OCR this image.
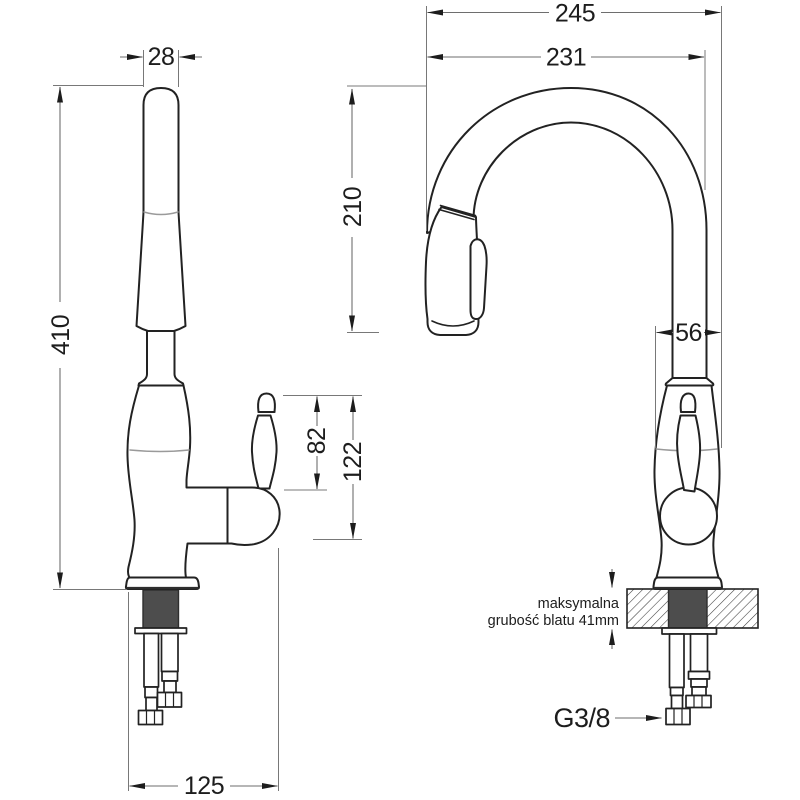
28
410
82
122
125
245
231
210
56
maksymalna
grubość blatu 41mm
G3/8
